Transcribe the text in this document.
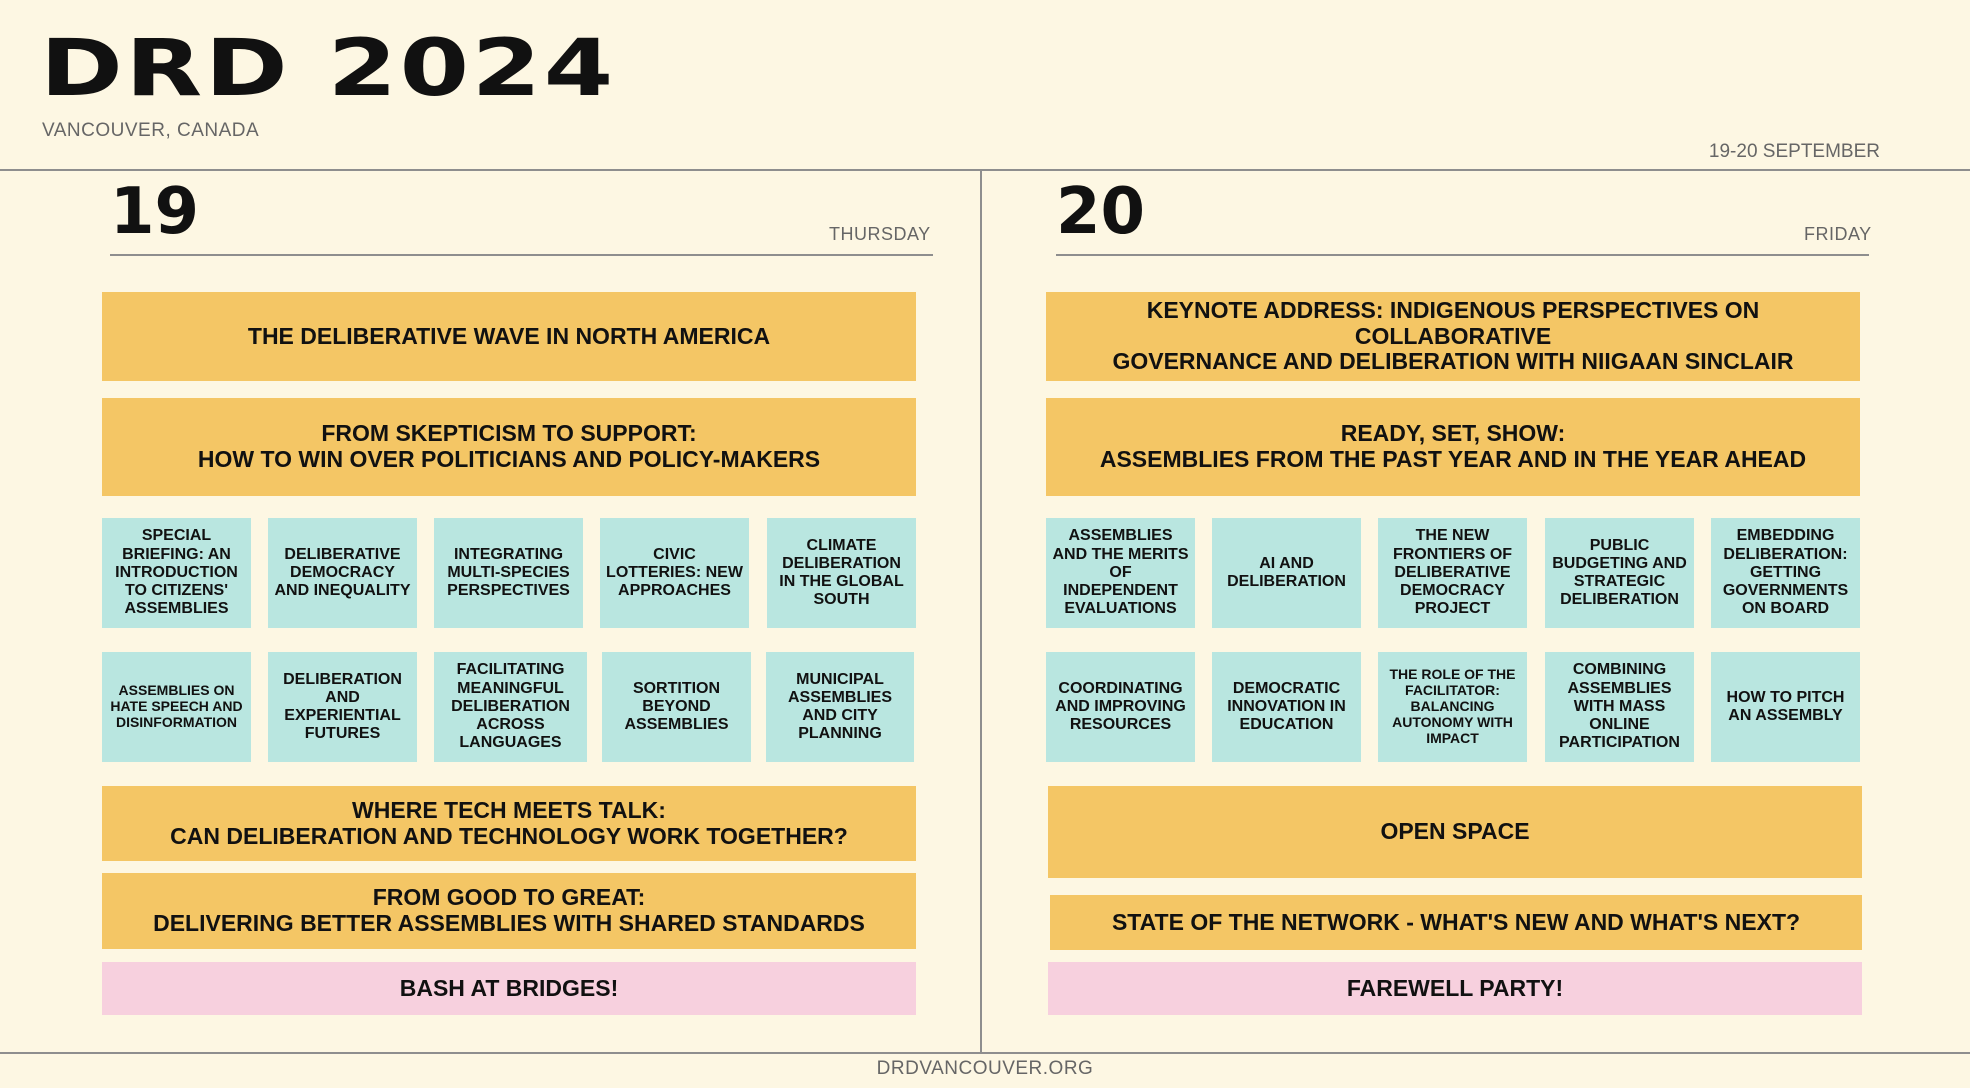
DRD 2024
VANCOUVER, CANADA
19-20 SEPTEMBER
19	THURSDAY
THE DELIBERATIVE WAVE IN NORTH AMERICA
FROM SKEPTICISM TO SUPPORT:
HOW TO WIN OVER POLITICIANS AND POLICY-MAKERS
SPECIAL BRIEFING: AN INTRODUCTION TO CITIZENS' ASSEMBLIES
DELIBERATIVE DEMOCRACY AND INEQUALITY
INTEGRATING MULTI-SPECIES PERSPECTIVES
CIVIC LOTTERIES: NEW APPROACHES
CLIMATE DELIBERATION IN THE GLOBAL SOUTH
ASSEMBLIES ON HATE SPEECH AND DISINFORMATION
DELIBERATION AND EXPERIENTIAL FUTURES
FACILITATING MEANINGFUL DELIBERATION ACROSS LANGUAGES
SORTITION BEYOND ASSEMBLIES
MUNICIPAL ASSEMBLIES AND CITY PLANNING
WHERE TECH MEETS TALK:
CAN DELIBERATION AND TECHNOLOGY WORK TOGETHER?
FROM GOOD TO GREAT:
DELIVERING BETTER ASSEMBLIES WITH SHARED STANDARDS
BASH AT BRIDGES!
20	FRIDAY
KEYNOTE ADDRESS: INDIGENOUS PERSPECTIVES ON COLLABORATIVE
GOVERNANCE AND DELIBERATION WITH NIIGAAN SINCLAIR
READY, SET, SHOW:
ASSEMBLIES FROM THE PAST YEAR AND IN THE YEAR AHEAD
ASSEMBLIES AND THE MERITS OF INDEPENDENT EVALUATIONS
AI AND DELIBERATION
THE NEW FRONTIERS OF DELIBERATIVE DEMOCRACY PROJECT
PUBLIC BUDGETING AND STRATEGIC DELIBERATION
EMBEDDING DELIBERATION: GETTING GOVERNMENTS ON BOARD
COORDINATING AND IMPROVING RESOURCES
DEMOCRATIC INNOVATION IN EDUCATION
THE ROLE OF THE FACILITATOR: BALANCING AUTONOMY WITH IMPACT
COMBINING ASSEMBLIES WITH MASS ONLINE PARTICIPATION
HOW TO PITCH AN ASSEMBLY
OPEN SPACE
STATE OF THE NETWORK - WHAT'S NEW AND WHAT'S NEXT?
FAREWELL PARTY!
DRDVANCOUVER.ORG
